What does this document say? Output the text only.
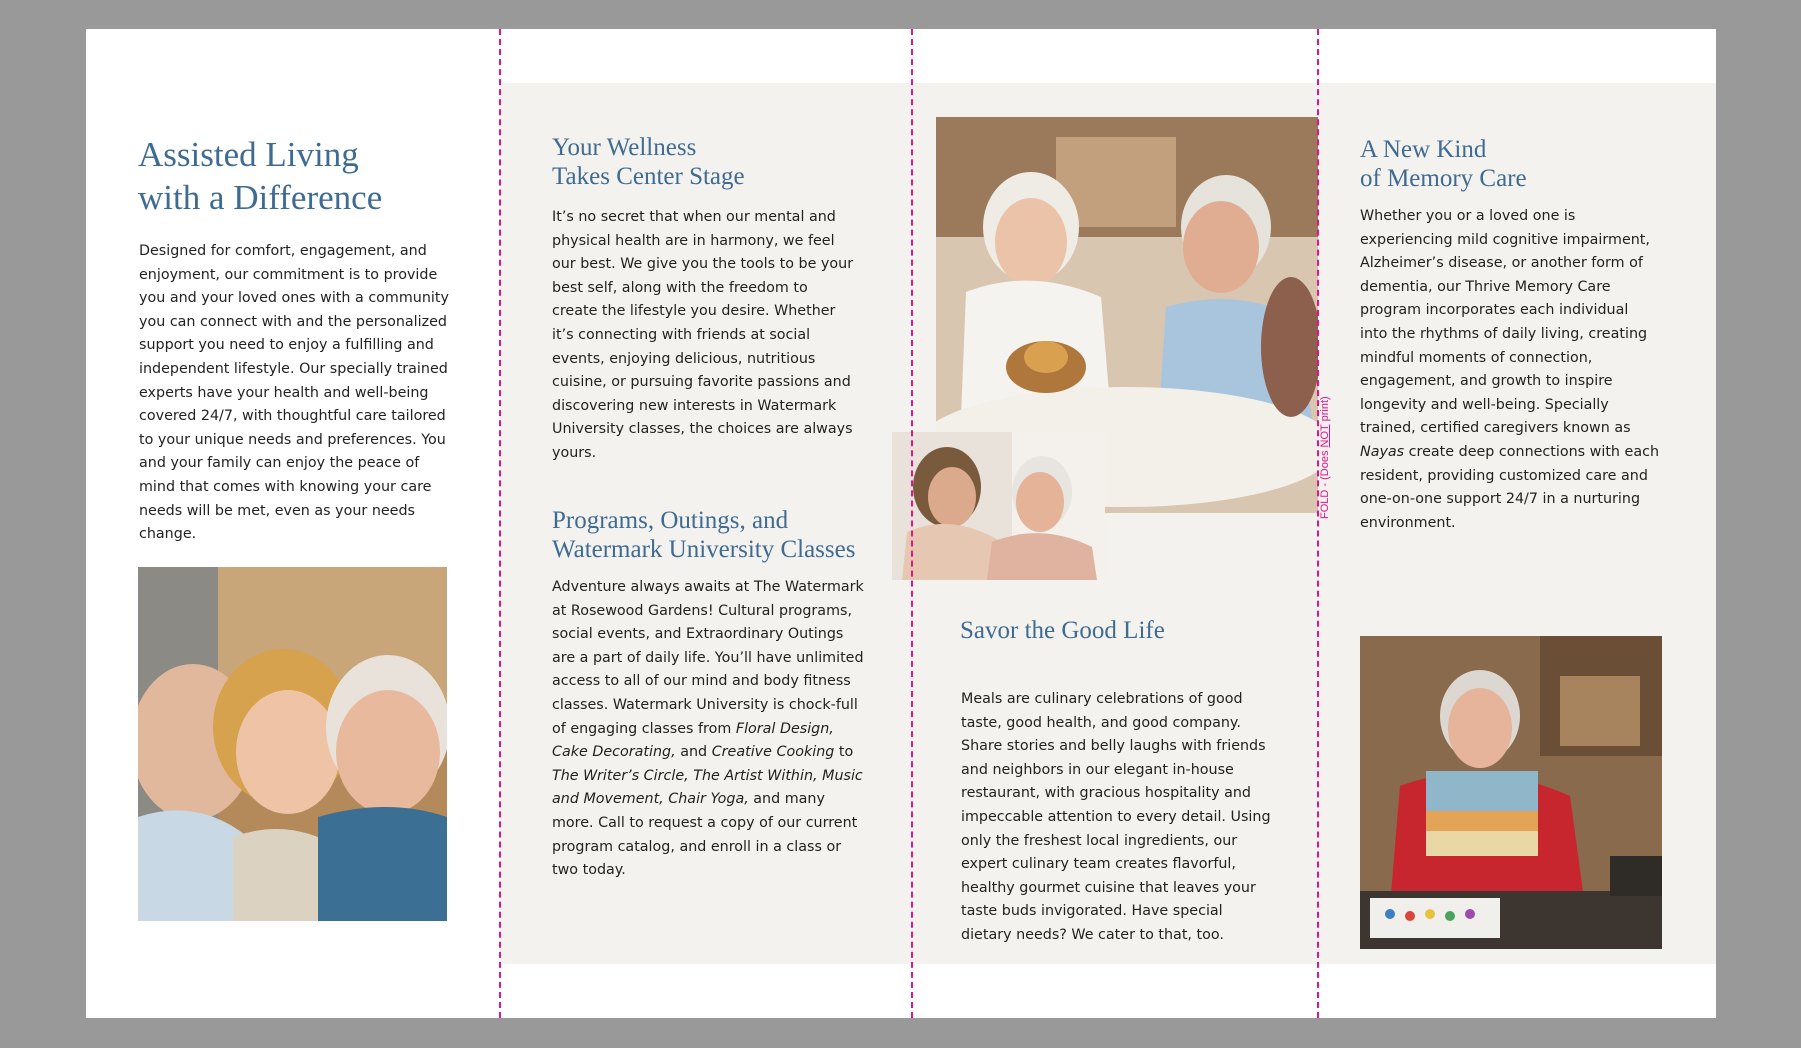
Assisted Living
with a Difference

Designed for comfort, engagement, and enjoyment, our commitment is to provide you and your loved ones with a community you can connect with and the personalized support you need to enjoy a fulfilling and independent lifestyle. Our specially trained experts have your health and well-being covered 24/7, with thoughtful care tailored to your unique needs and preferences. You and your family can enjoy the peace of mind that comes with knowing your care needs will be met, even as your needs change.

Your Wellness
Takes Center Stage

It’s no secret that when our mental and physical health are in harmony, we feel our best. We give you the tools to be your best self, along with the freedom to create the lifestyle you desire. Whether it’s connecting with friends at social events, enjoying delicious, nutritious cuisine, or pursuing favorite passions and discovering new interests in Watermark University classes, the choices are always yours.

Programs, Outings, and
Watermark University Classes

Adventure always awaits at The Watermark at Rosewood Gardens! Cultural programs, social events, and Extraordinary Outings are a part of daily life. You’ll have unlimited access to all of our mind and body fitness classes. Watermark University is chock-full of engaging classes from Floral Design, Cake Decorating, and Creative Cooking to The Writer’s Circle, The Artist Within, Music and Movement, Chair Yoga, and many more. Call to request a copy of our current program catalog, and enroll in a class or two today.

Savor the Good Life

Meals are culinary celebrations of good taste, good health, and good company. Share stories and belly laughs with friends and neighbors in our elegant in-house restaurant, with gracious hospitality and impeccable attention to every detail. Using only the freshest local ingredients, our expert culinary team creates flavorful, healthy gourmet cuisine that leaves your taste buds invigorated. Have special dietary needs? We cater to that, too.

A New Kind
of Memory Care

Whether you or a loved one is experiencing mild cognitive impairment, Alzheimer’s disease, or another form of dementia, our Thrive Memory Care program incorporates each individual into the rhythms of daily living, creating mindful moments of connection, engagement, and growth to inspire longevity and well-being. Specially trained, certified caregivers known as Nayas create deep connections with each resident, providing customized care and one-on-one support 24/7 in a nurturing environment.

FOLD - (Does NOT print)
